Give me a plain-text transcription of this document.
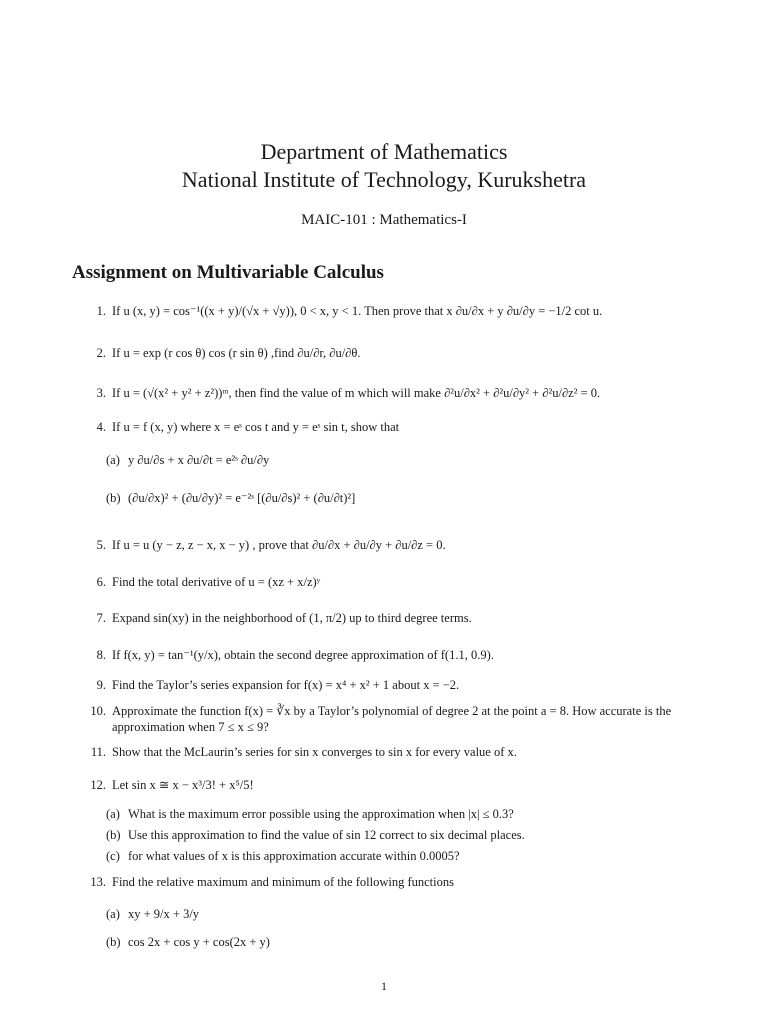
Department of Mathematics
National Institute of Technology, Kurukshetra
MAIC-101 : Mathematics-I
Assignment on Multivariable Calculus
1. If u (x, y) = cos⁻¹((x + y)/(√x + √y)), 0 < x, y < 1. Then prove that x ∂u/∂x + y ∂u/∂y = −1/2 cot u.
2. If u = exp (r cos θ) cos (r sin θ) ,find ∂u/∂r, ∂u/∂θ.
3. If u = (√(x² + y² + z²))ᵐ, then find the value of m which will make ∂²u/∂x² + ∂²u/∂y² + ∂²u/∂z² = 0.
4. If u = f (x, y) where x = eˢ cos t and y = eˢ sin t, show that
(a) y ∂u/∂s + x ∂u/∂t = e²ˢ ∂u/∂y
(b) (∂u/∂x)² + (∂u/∂y)² = e⁻²ˢ [(∂u/∂s)² + (∂u/∂t)²]
5. If u = u (y − z, z − x, x − y) , prove that ∂u/∂x + ∂u/∂y + ∂u/∂z = 0.
6. Find the total derivative of u = (xz + x/z)ʸ
7. Expand sin(xy) in the neighborhood of (1, π/2) up to third degree terms.
8. If f(x, y) = tan⁻¹(y/x), obtain the second degree approximation of f(1.1, 0.9).
9. Find the Taylor’s series expansion for f(x) = x⁴ + x² + 1 about x = −2.
10. Approximate the function f(x) = ∛x by a Taylor’s polynomial of degree 2 at the point a = 8. How accurate is the approximation when 7 ≤ x ≤ 9?
11. Show that the McLaurin’s series for sin x converges to sin x for every value of x.
12. Let sin x ≅ x − x³/3! + x⁵/5!
(a) What is the maximum error possible using the approximation when |x| ≤ 0.3?
(b) Use this approximation to find the value of sin 12 correct to six decimal places.
(c) for what values of x is this approximation accurate within 0.0005?
13. Find the relative maximum and minimum of the following functions
(a) xy + 9/x + 3/y
(b) cos 2x + cos y + cos(2x + y)
1
